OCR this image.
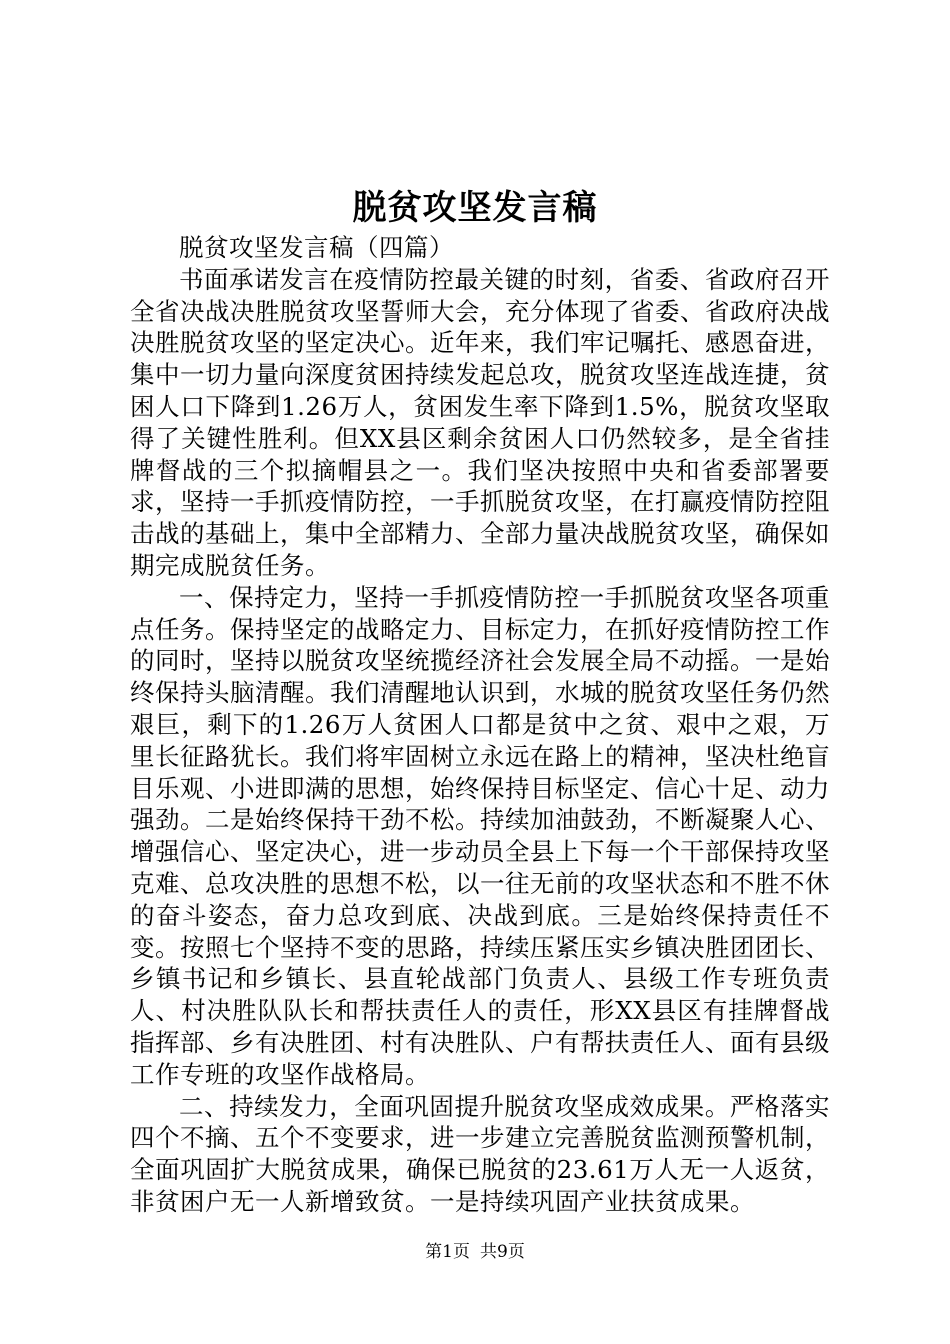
脱贫攻坚发言稿

脱贫攻坚发言稿（四篇）

书面承诺发言在疫情防控最关键的时刻，省委、省政府召开全省决战决胜脱贫攻坚誓师大会，充分体现了省委、省政府决战决胜脱贫攻坚的坚定决心。近年来，我们牢记嘱托、感恩奋进，集中一切力量向深度贫困持续发起总攻，脱贫攻坚连战连捷，贫困人口下降到1.26万人，贫困发生率下降到1.5%，脱贫攻坚取得了关键性胜利。但XX县区剩余贫困人口仍然较多，是全省挂牌督战的三个拟摘帽县之一。我们坚决按照中央和省委部署要求，坚持一手抓疫情防控，一手抓脱贫攻坚，在打赢疫情防控阻击战的基础上，集中全部精力、全部力量决战脱贫攻坚，确保如期完成脱贫任务。

一、保持定力，坚持一手抓疫情防控一手抓脱贫攻坚各项重点任务。保持坚定的战略定力、目标定力，在抓好疫情防控工作的同时，坚持以脱贫攻坚统揽经济社会发展全局不动摇。一是始终保持头脑清醒。我们清醒地认识到，水城的脱贫攻坚任务仍然艰巨，剩下的1.26万人贫困人口都是贫中之贫、艰中之艰，万里长征路犹长。我们将牢固树立永远在路上的精神，坚决杜绝盲目乐观、小进即满的思想，始终保持目标坚定、信心十足、动力强劲。二是始终保持干劲不松。持续加油鼓劲，不断凝聚人心、增强信心、坚定决心，进一步动员全县上下每一个干部保持攻坚克难、总攻决胜的思想不松，以一往无前的攻坚状态和不胜不休的奋斗姿态，奋力总攻到底、决战到底。三是始终保持责任不变。按照七个坚持不变的思路，持续压紧压实乡镇决胜团团长、乡镇书记和乡镇长、县直轮战部门负责人、县级工作专班负责人、村决胜队队长和帮扶责任人的责任，形XX县区有挂牌督战指挥部、乡有决胜团、村有决胜队、户有帮扶责任人、面有县级工作专班的攻坚作战格局。

二、持续发力，全面巩固提升脱贫攻坚成效成果。严格落实四个不摘、五个不变要求，进一步建立完善脱贫监测预警机制，全面巩固扩大脱贫成果，确保已脱贫的23.61万人无一人返贫，非贫困户无一人新增致贫。一是持续巩固产业扶贫成果。

第1页 共9页
